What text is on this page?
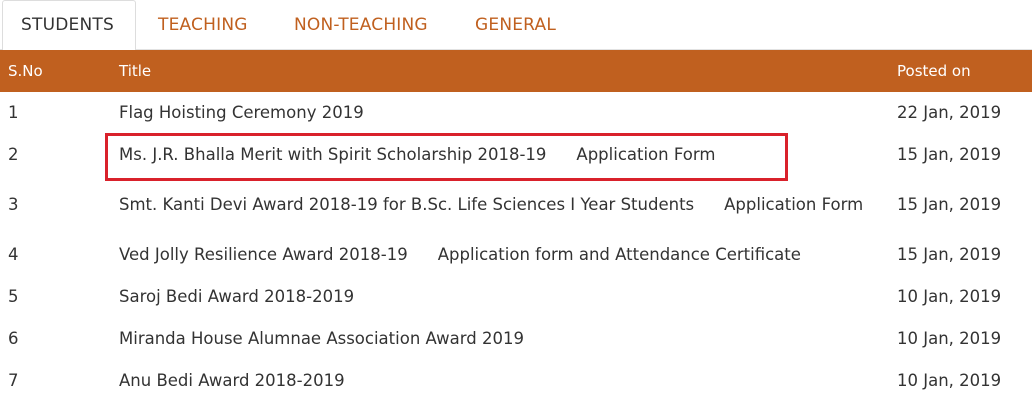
STUDENTS	TEACHING	NON-TEACHING	GENERAL
S.No	Title	Posted on
1	Flag Hoisting Ceremony 2019	22 Jan, 2019
2	Ms. J.R. Bhalla Merit with Spirit Scholarship 2018-19 Application Form	15 Jan, 2019
3	Smt. Kanti Devi Award 2018-19 for B.Sc. Life Sciences I Year Students Application Form	15 Jan, 2019
4	Ved Jolly Resilience Award 2018-19 Application form and Attendance Certificate	15 Jan, 2019
5	Saroj Bedi Award 2018-2019	10 Jan, 2019
6	Miranda House Alumnae Association Award 2019	10 Jan, 2019
7	Anu Bedi Award 2018-2019	10 Jan, 2019
